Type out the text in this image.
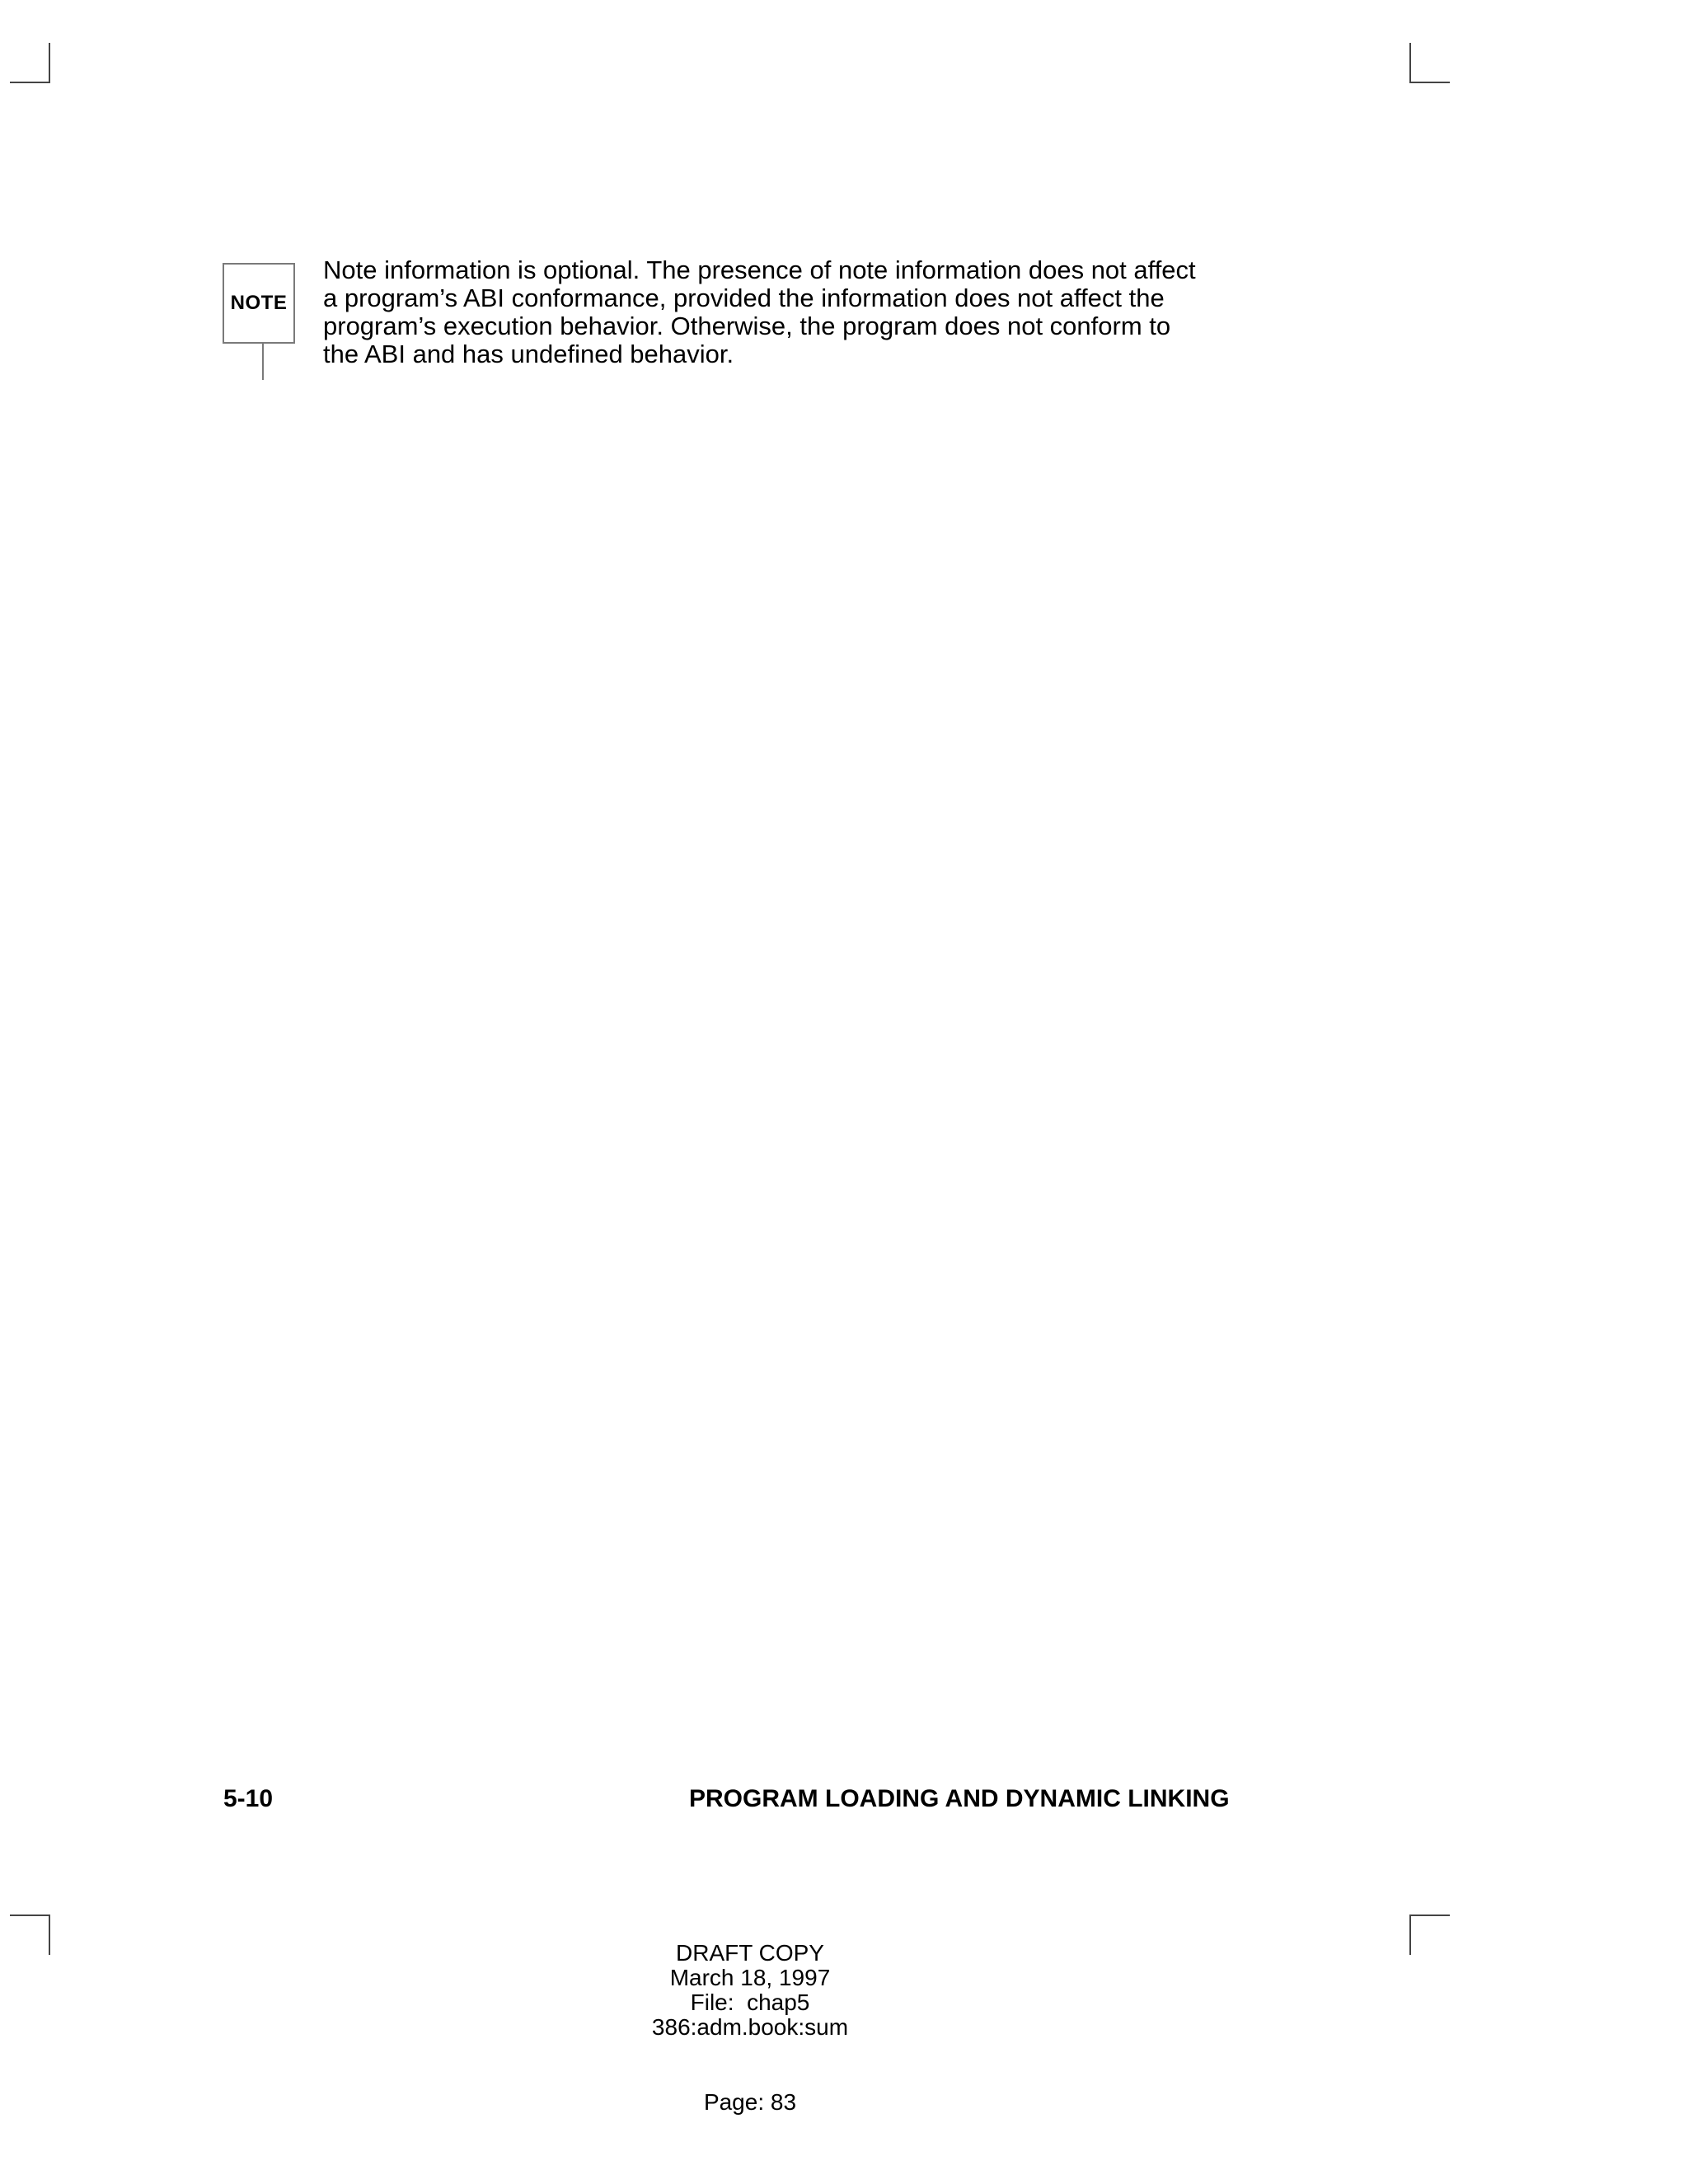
NOTE
Note information is optional. The presence of note information does not affect
a program’s ABI conformance, provided the information does not affect the
program’s execution behavior. Otherwise, the program does not conform to
the ABI and has undefined behavior.
5-10	PROGRAM LOADING AND DYNAMIC LINKING
DRAFT COPY
March 18, 1997
File:  chap5
386:adm.book:sum
Page: 83
